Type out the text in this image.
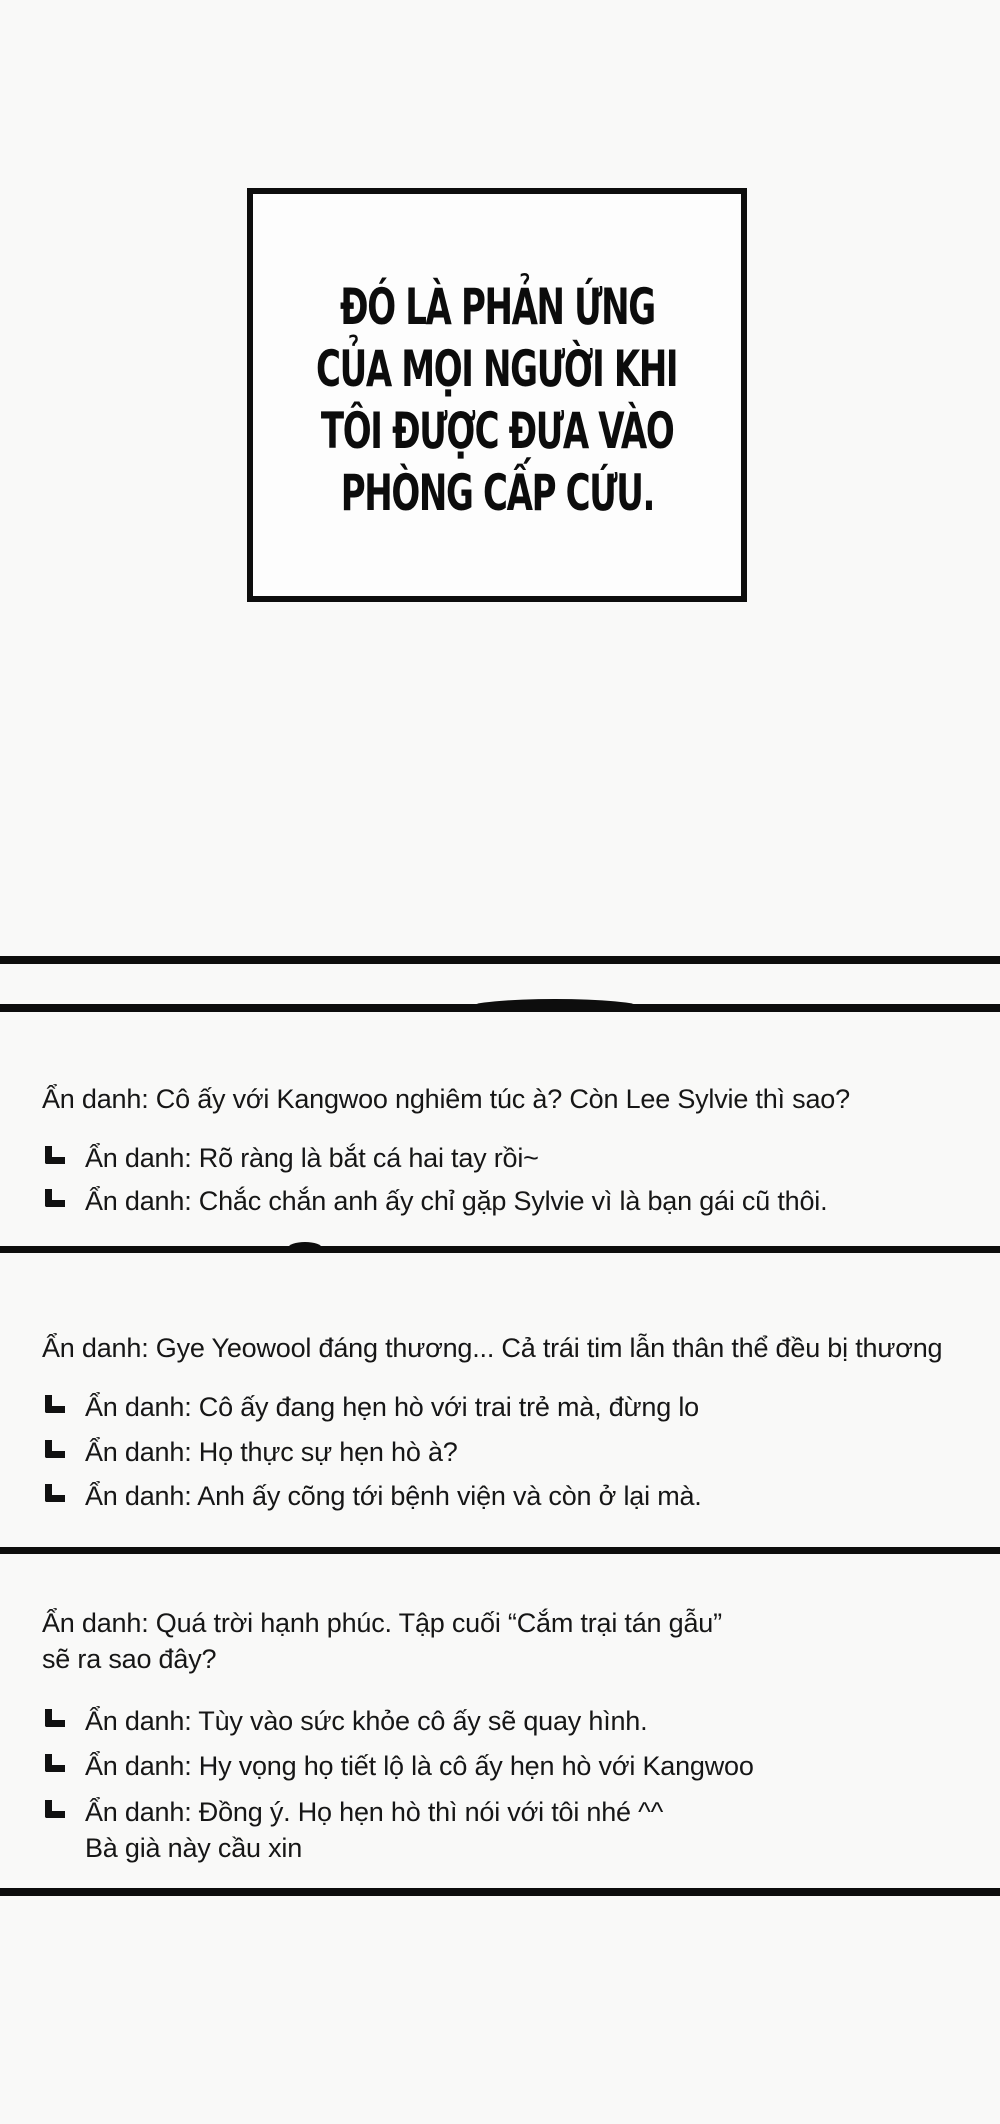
ĐÓ LÀ PHẢN ỨNG
CỦA MỌI NGƯỜI KHI
TÔI ĐƯỢC ĐƯA VÀO
PHÒNG CẤP CỨU.
Ẩn danh: Cô ấy với Kangwoo nghiêm túc à? Còn Lee Sylvie thì sao?
Ẩn danh: Rõ ràng là bắt cá hai tay rồi~
Ẩn danh: Chắc chắn anh ấy chỉ gặp Sylvie vì là bạn gái cũ thôi.
Ẩn danh: Gye Yeowool đáng thương... Cả trái tim lẫn thân thể đều bị thương
Ẩn danh: Cô ấy đang hẹn hò với trai trẻ mà, đừng lo
Ẩn danh: Họ thực sự hẹn hò à?
Ẩn danh: Anh ấy cõng tới bệnh viện và còn ở lại mà.
Ẩn danh: Quá trời hạnh phúc. Tập cuối “Cắm trại tán gẫu”
sẽ ra sao đây?
Ẩn danh: Tùy vào sức khỏe cô ấy sẽ quay hình.
Ẩn danh: Hy vọng họ tiết lộ là cô ấy hẹn hò với Kangwoo
Ẩn danh: Đồng ý. Họ hẹn hò thì nói với tôi nhé ^^
Bà già này cầu xin
